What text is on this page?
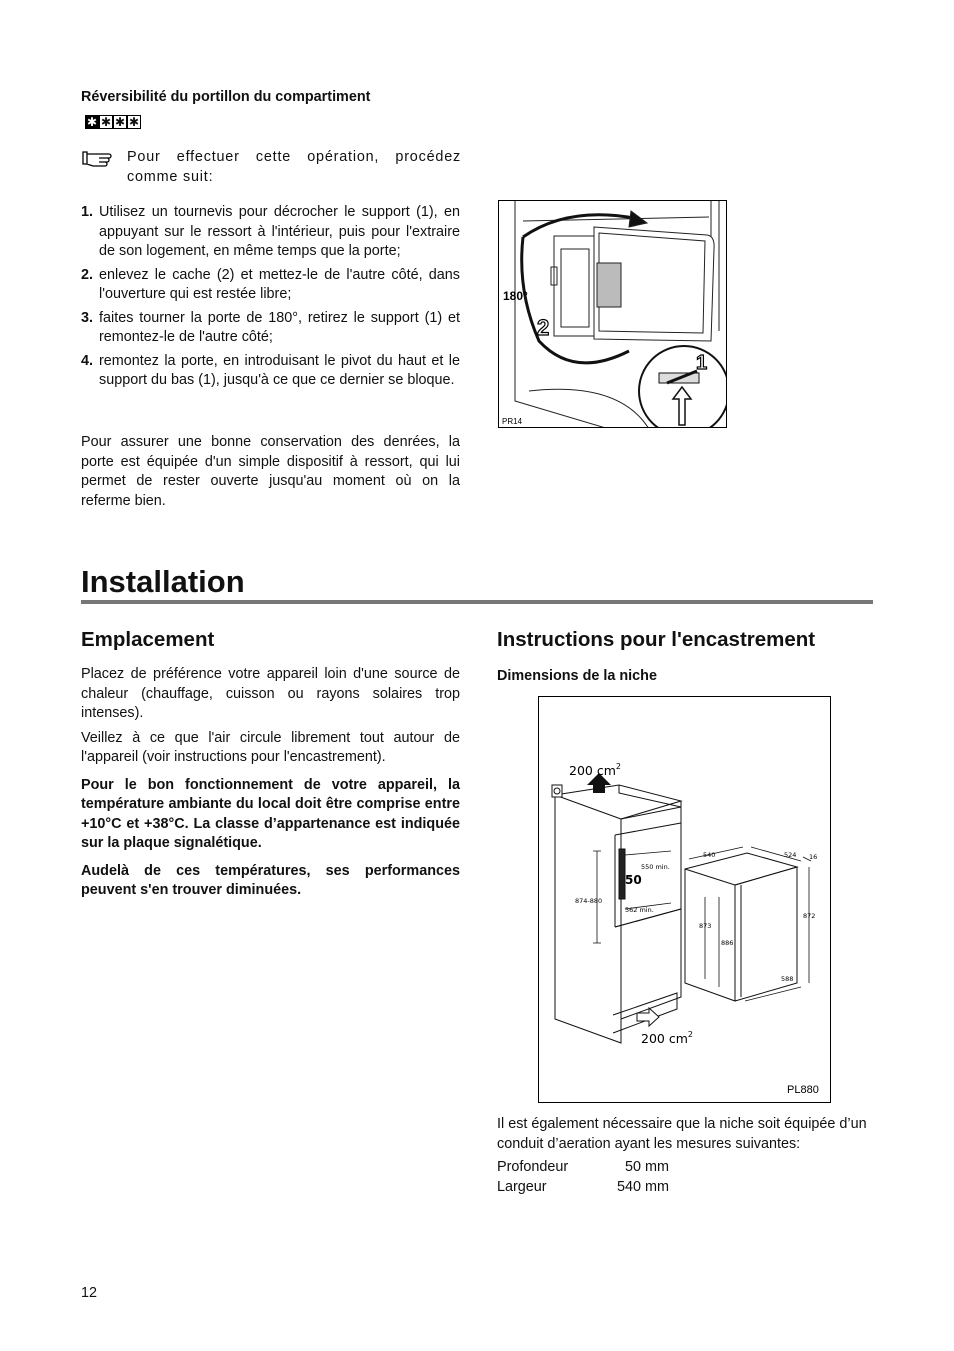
Réversibilité du portillon du compartiment
✱ ✱ ✱ ✱

Pour effectuer cette opération, procédez comme suit:

1. Utilisez un tournevis pour décrocher le support (1), en appuyant sur le ressort à l'intérieur, puis pour l'extraire de son logement, en même temps que la porte;

2. enlevez le cache (2) et mettez-le de l'autre côté, dans l'ouverture qui est restée libre;

3. faites tourner la porte de 180°, retirez le support (1) et remontez-le de l'autre côté;

4. remontez la porte, en introduisant le pivot du haut et le support du bas (1), jusqu'à ce que ce dernier se bloque.

Pour assurer une bonne conservation des denrées, la porte est équipée d'un simple dispositif à ressort, qui lui permet de rester ouverte jusqu'au moment où on la referme bien.

180°
2
1
PR14
Installation
Emplacement

Placez de préférence votre appareil loin d'une source de chaleur (chauffage, cuisson ou rayons solaires trop intenses).

Veillez à ce que l'air circule librement tout autour de l'appareil (voir instructions pour l'encastrement).

Pour le bon fonctionnement de votre appareil, la température ambiante du local doit être comprise entre +10°C et +38°C. La classe d’appartenance est indiquée sur la plaque signalétique.

Audelà de ces températures, ses performances peuvent s'en trouver diminuées.

Instructions pour l'encastrement
Dimensions de la niche
200 $cm^2$
200 $cm^2$
550 min.
50
562 min.
874-880
540	524 16
873
886
872
588
PL880

Il est également nécessaire que la niche soit équipée d’un conduit d’aeration ayant les mesures suivantes:

Profondeur	50 mm
Largeur	540 mm
12
